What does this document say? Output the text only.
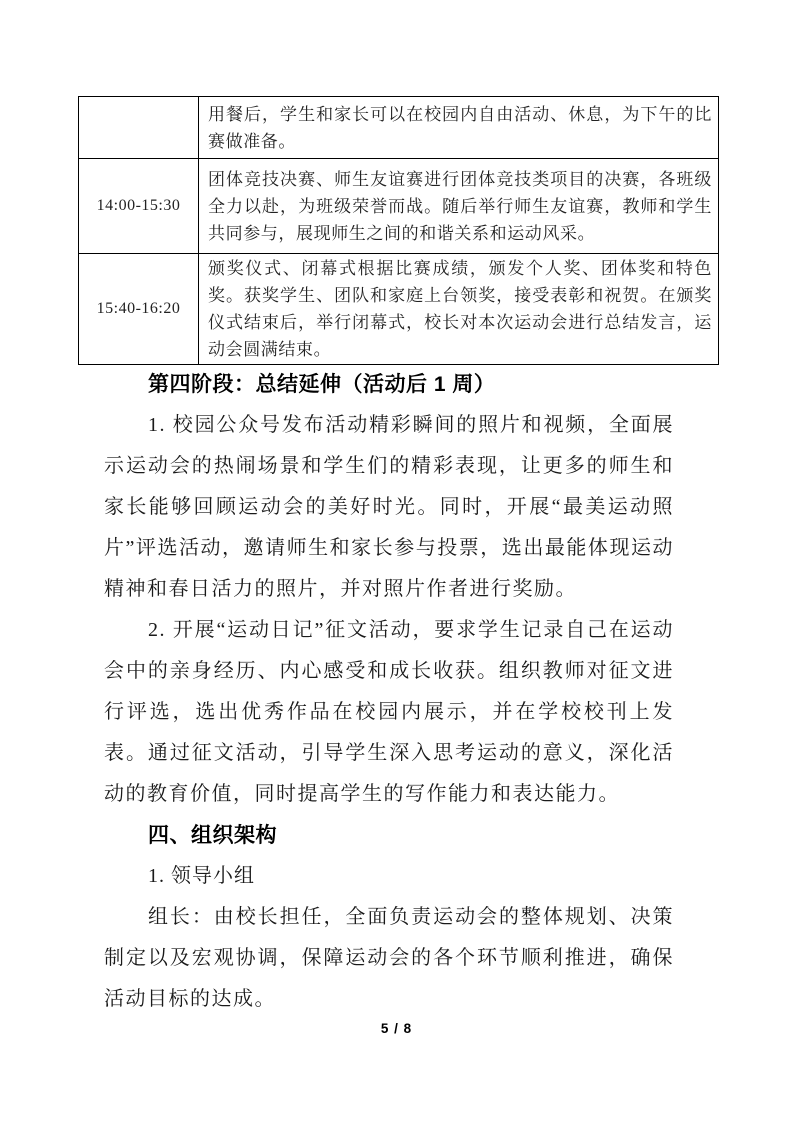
	用餐后，学生和家长可以在校园内自由活动、休息，为下午的比赛做准备。
14:00-15:30	团体竞技决赛、师生友谊赛进行团体竞技类项目的决赛，各班级全力以赴，为班级荣誉而战。随后举行师生友谊赛，教师和学生共同参与，展现师生之间的和谐关系和运动风采。
15:40-16:20	颁奖仪式、闭幕式根据比赛成绩，颁发个人奖、团体奖和特色奖。获奖学生、团队和家庭上台领奖，接受表彰和祝贺。在颁奖仪式结束后，举行闭幕式，校长对本次运动会进行总结发言，运动会圆满结束。
第四阶段：总结延伸（活动后 1 周）

1. 校园公众号发布活动精彩瞬间的照片和视频，全面展示运动会的热闹场景和学生们的精彩表现，让更多的师生和家长能够回顾运动会的美好时光。同时，开展“最美运动照片”评选活动，邀请师生和家长参与投票，选出最能体现运动精神和春日活力的照片，并对照片作者进行奖励。

2. 开展“运动日记”征文活动，要求学生记录自己在运动会中的亲身经历、内心感受和成长收获。组织教师对征文进行评选，选出优秀作品在校园内展示，并在学校校刊上发表。通过征文活动，引导学生深入思考运动的意义，深化活动的教育价值，同时提高学生的写作能力和表达能力。

四、组织架构

1. 领导小组

组长：由校长担任，全面负责运动会的整体规划、决策制定以及宏观协调，保障运动会的各个环节顺利推进，确保活动目标的达成。

5 / 8
